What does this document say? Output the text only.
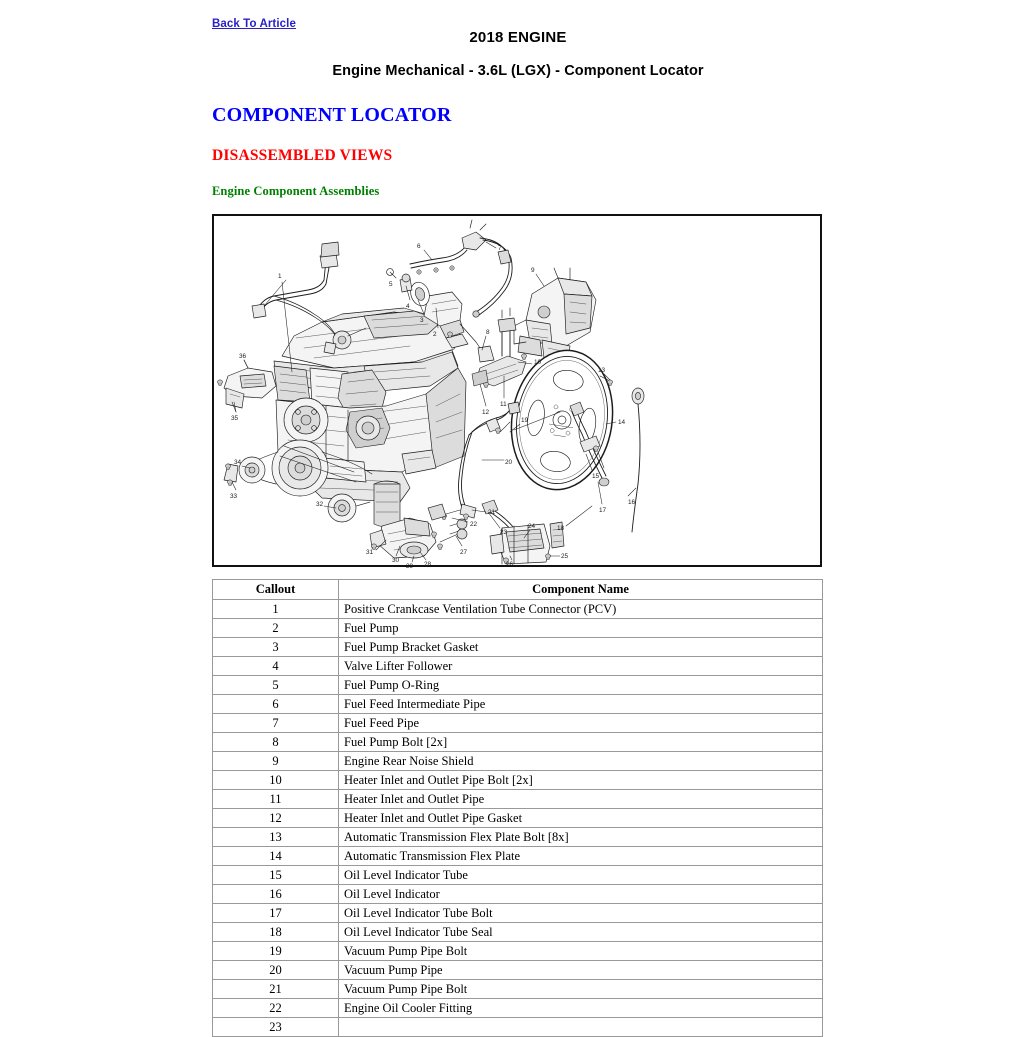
Back To Article
2018 ENGINE
Engine Mechanical - 3.6L (LGX) - Component Locator
COMPONENT LOCATOR
DISASSEMBLED VIEWS
Engine Component Assemblies
1
2
3
4
5
6	7
8
9
10
11
12
13
14
15
16
17
18
19
20
21
22
23
24
25
26
27
28
29
30
31
32
33
34
35
36
Callout	Component Name
1	Positive Crankcase Ventilation Tube Connector (PCV)
2	Fuel Pump
3	Fuel Pump Bracket Gasket
4	Valve Lifter Follower
5	Fuel Pump O-Ring
6	Fuel Feed Intermediate Pipe
7	Fuel Feed Pipe
8	Fuel Pump Bolt [2x]
9	Engine Rear Noise Shield
10	Heater Inlet and Outlet Pipe Bolt [2x]
11	Heater Inlet and Outlet Pipe
12	Heater Inlet and Outlet Pipe Gasket
13	Automatic Transmission Flex Plate Bolt [8x]
14	Automatic Transmission Flex Plate
15	Oil Level Indicator Tube
16	Oil Level Indicator
17	Oil Level Indicator Tube Bolt
18	Oil Level Indicator Tube Seal
19	Vacuum Pump Pipe Bolt
20	Vacuum Pump Pipe
21	Vacuum Pump Pipe Bolt
22	Engine Oil Cooler Fitting
23	
